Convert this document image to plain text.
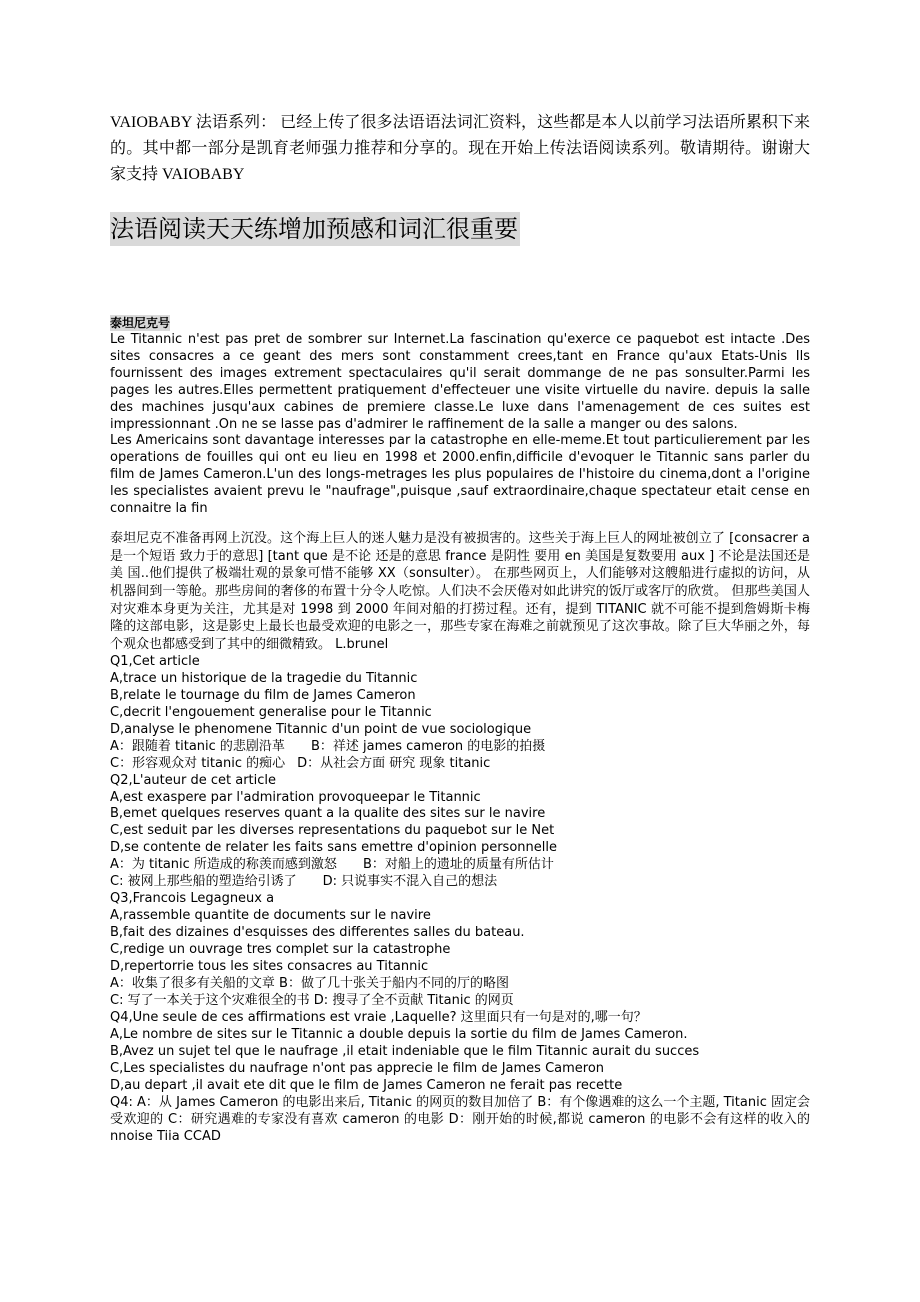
VAIOBABY 法语系列： 已经上传了很多法语语法词汇资料，这些都是本人以前学习法语所累积下来的。其中都一部分是凯育老师强力推荐和分享的。现在开始上传法语阅读系列。敬请期待。谢谢大家支持 VAIOBABY

法语阅读天天练增加预感和词汇很重要
泰坦尼克号

Le Titannic n'est pas pret de sombrer sur Internet.La fascination qu'exerce ce paquebot est intacte .Des sites consacres a ce geant des mers sont constamment crees,tant en France qu'aux Etats-Unis Ils fournissent des images extrement spectaculaires qu'il serait dommange de ne pas sonsulter.Parmi les pages les autres.Elles permettent pratiquement d'effecteuer une visite virtuelle du navire. depuis la salle des machines jusqu'aux cabines de premiere classe.Le luxe dans l'amenagement de ces suites est impressionnant .On ne se lasse pas d'admirer le raffinement de la salle a manger ou des salons.

Les Americains sont davantage interesses par la catastrophe en elle-meme.Et tout particulierement par les operations de fouilles qui ont eu lieu en 1998 et 2000.enfin,difficile d'evoquer le Titannic sans parler du film de James Cameron.L'un des longs-metrages les plus populaires de l'histoire du cinema,dont a l'origine les specialistes avaient prevu le "naufrage",puisque ,sauf extraordinaire,chaque spectateur etait cense en connaitre la fin

泰坦尼克不准备再网上沉没。这个海上巨人的迷人魅力是没有被损害的。这些关于海上巨人的网址被创立了 [consacrer a 是一个短语 致力于的意思] [tant que 是不论 还是的意思 france 是阴性 要用 en 美国是复数要用 aux ] 不论是法国还是美 国..他们提供了极端壮观的景象可惜不能够 XX（sonsulter）。 在那些网页上，人们能够对这艘船进行虚拟的访问，从机器间到一等舱。那些房间的奢侈的布置十分令人吃惊。人们决不会厌倦对如此讲究的饭厅或客厅的欣赏。 但那些美国人对灾难本身更为关注，尤其是对 1998 到 2000 年间对船的打捞过程。还有，提到 TITANIC 就不可能不提到詹姆斯卡梅隆的这部电影，这是影史上最长也最受欢迎的电影之一，那些专家在海难之前就预见了这次事故。除了巨大华丽之外，每个观众也都感受到了其中的细微精致。 L.brunel

Q1,Cet article

A,trace un historique de la tragedie du Titannic

B,relate le tournage du film de James Cameron

C,decrit l'engouement generalise pour le Titannic

D,analyse le phenomene Titannic d'un point de vue sociologique

A：跟随着 titanic 的悲剧沿革 B：祥述 james cameron 的电影的拍摄

C：形容观众对 titanic 的痴心 D：从社会方面 研究 现象 titanic

Q2,L'auteur de cet article

A,est exaspere par l'admiration provoqueepar le Titannic

B,emet quelques reserves quant a la qualite des sites sur le navire

C,est seduit par les diverses representations du paquebot sur le Net

D,se contente de relater les faits sans emettre d'opinion personnelle

A：为 titanic 所造成的称羡而感到激怒 B：对船上的遗址的质量有所估计

C: 被网上那些船的塑造给引诱了 D: 只说事实不混入自己的想法

Q3,Francois Legagneux a

A,rassemble quantite de documents sur le navire

B,fait des dizaines d'esquisses des differentes salles du bateau.

C,redige un ouvrage tres complet sur la catastrophe

D,repertorrie tous les sites consacres au Titannic

A：收集了很多有关船的文章 B：做了几十张关于船内不同的厅的略图

C: 写了一本关于这个灾难很全的书 D: 搜寻了全不贡献 Titanic 的网页

Q4,Une seule de ces affirmations est vraie ,Laquelle? 这里面只有一句是对的,哪一句？

A,Le nombre de sites sur le Titannic a double depuis la sortie du film de James Cameron.

B,Avez un sujet tel que le naufrage ,il etait indeniable que le film Titannic aurait du succes

C,Les specialistes du naufrage n'ont pas apprecie le film de James Cameron

D,au depart ,il avait ete dit que le film de James Cameron ne ferait pas recette

Q4: A：从 James Cameron 的电影出来后, Titanic 的网页的数目加倍了 B：有个像遇难的这么一个主题, Titanic 固定会受欢迎的 C：研究遇难的专家没有喜欢 cameron 的电影 D：刚开始的时候,都说 cameron 的电影不会有这样的收入的 nnoise Tiia CCAD
